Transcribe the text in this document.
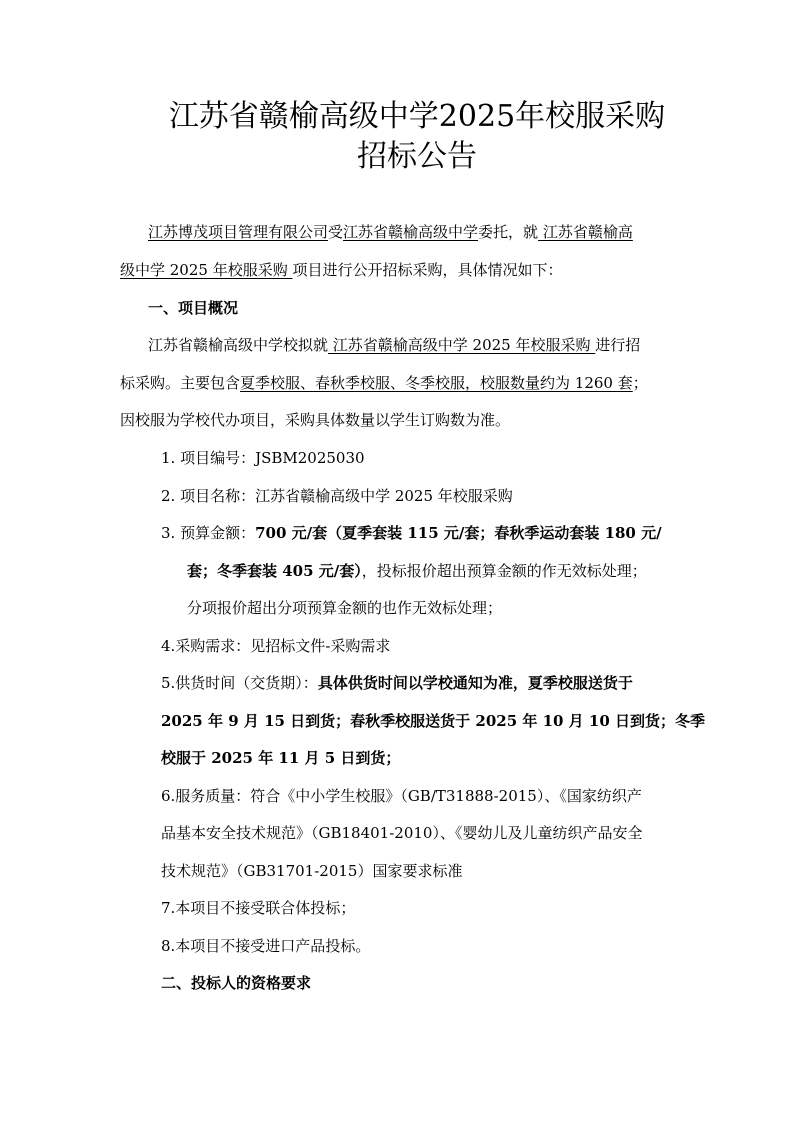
江苏省赣榆高级中学2025年校服采购
招标公告
江苏博茂项目管理有限公司受江苏省赣榆高级中学委托，就 江苏省赣榆高
级中学 2025 年校服采购 项目进行公开招标采购，具体情况如下：
一、项目概况
江苏省赣榆高级中学校拟就 江苏省赣榆高级中学 2025 年校服采购 进行招
标采购。主要包含夏季校服、春秋季校服、冬季校服，校服数量约为 1260 套；
因校服为学校代办项目，采购具体数量以学生订购数为准。
1. 项目编号：JSBM2025030
2. 项目名称：江苏省赣榆高级中学 2025 年校服采购
3. 预算金额：700 元/套（夏季套装 115 元/套；春秋季运动套装 180 元/
套；冬季套装 405 元/套），投标报价超出预算金额的作无效标处理；
分项报价超出分项预算金额的也作无效标处理；
4.采购需求：见招标文件-采购需求
5.供货时间（交货期）：具体供货时间以学校通知为准，夏季校服送货于
2025 年 9 月 15 日到货；春秋季校服送货于 2025 年 10 月 10 日到货；冬季
校服于 2025 年 11 月 5 日到货；
6.服务质量：符合《中小学生校服》（GB/T31888-2015）、《国家纺织产
品基本安全技术规范》（GB18401-2010）、《婴幼儿及儿童纺织产品安全
技术规范》（GB31701-2015）国家要求标准
7.本项目不接受联合体投标；
8.本项目不接受进口产品投标。
二、投标人的资格要求
